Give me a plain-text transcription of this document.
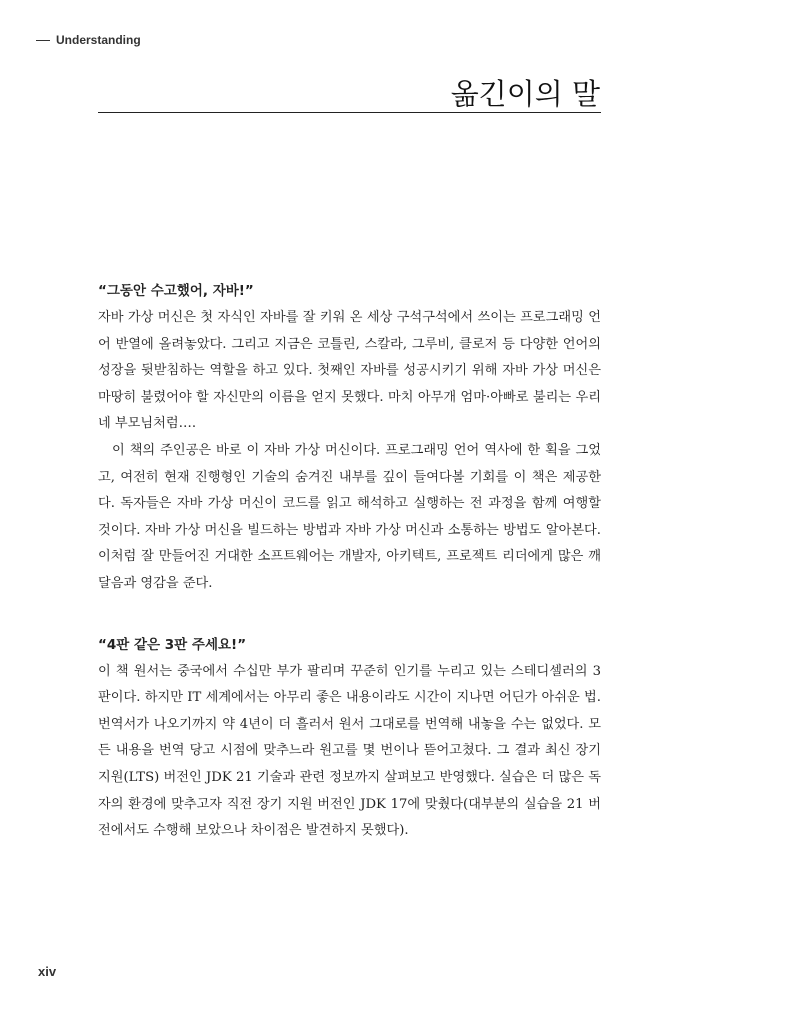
Understanding
옮긴이의 말
“그동안 수고했어, 자바!”

자바 가상 머신은 첫 자식인 자바를 잘 키워 온 세상 구석구석에서 쓰이는 프로그래밍 언어 반열에 올려놓았다. 그리고 지금은 코틀린, 스칼라, 그루비, 클로저 등 다양한 언어의 성장을 뒷받침하는 역할을 하고 있다. 첫째인 자바를 성공시키기 위해 자바 가상 머신은 마땅히 불렸어야 할 자신만의 이름을 얻지 못했다. 마치 아무개 엄마·아빠로 불리는 우리네 부모님처럼….

이 책의 주인공은 바로 이 자바 가상 머신이다. 프로그래밍 언어 역사에 한 획을 그었고, 여전히 현재 진행형인 기술의 숨겨진 내부를 깊이 들여다볼 기회를 이 책은 제공한다. 독자들은 자바 가상 머신이 코드를 읽고 해석하고 실행하는 전 과정을 함께 여행할 것이다. 자바 가상 머신을 빌드하는 방법과 자바 가상 머신과 소통하는 방법도 알아본다. 이처럼 잘 만들어진 거대한 소프트웨어는 개발자, 아키텍트, 프로젝트 리더에게 많은 깨달음과 영감을 준다.

“4판 같은 3판 주세요!”

이 책 원서는 중국에서 수십만 부가 팔리며 꾸준히 인기를 누리고 있는 스테디셀러의 3판이다. 하지만 IT 세계에서는 아무리 좋은 내용이라도 시간이 지나면 어딘가 아쉬운 법. 번역서가 나오기까지 약 4년이 더 흘러서 원서 그대로를 번역해 내놓을 수는 없었다. 모든 내용을 번역 당고 시점에 맞추느라 원고를 몇 번이나 뜯어고쳤다. 그 결과 최신 장기 지원(LTS) 버전인 JDK 21 기술과 관련 정보까지 살펴보고 반영했다. 실습은 더 많은 독자의 환경에 맞추고자 직전 장기 지원 버전인 JDK 17에 맞췄다(대부분의 실습을 21 버전에서도 수행해 보았으나 차이점은 발견하지 못했다).

xiv
